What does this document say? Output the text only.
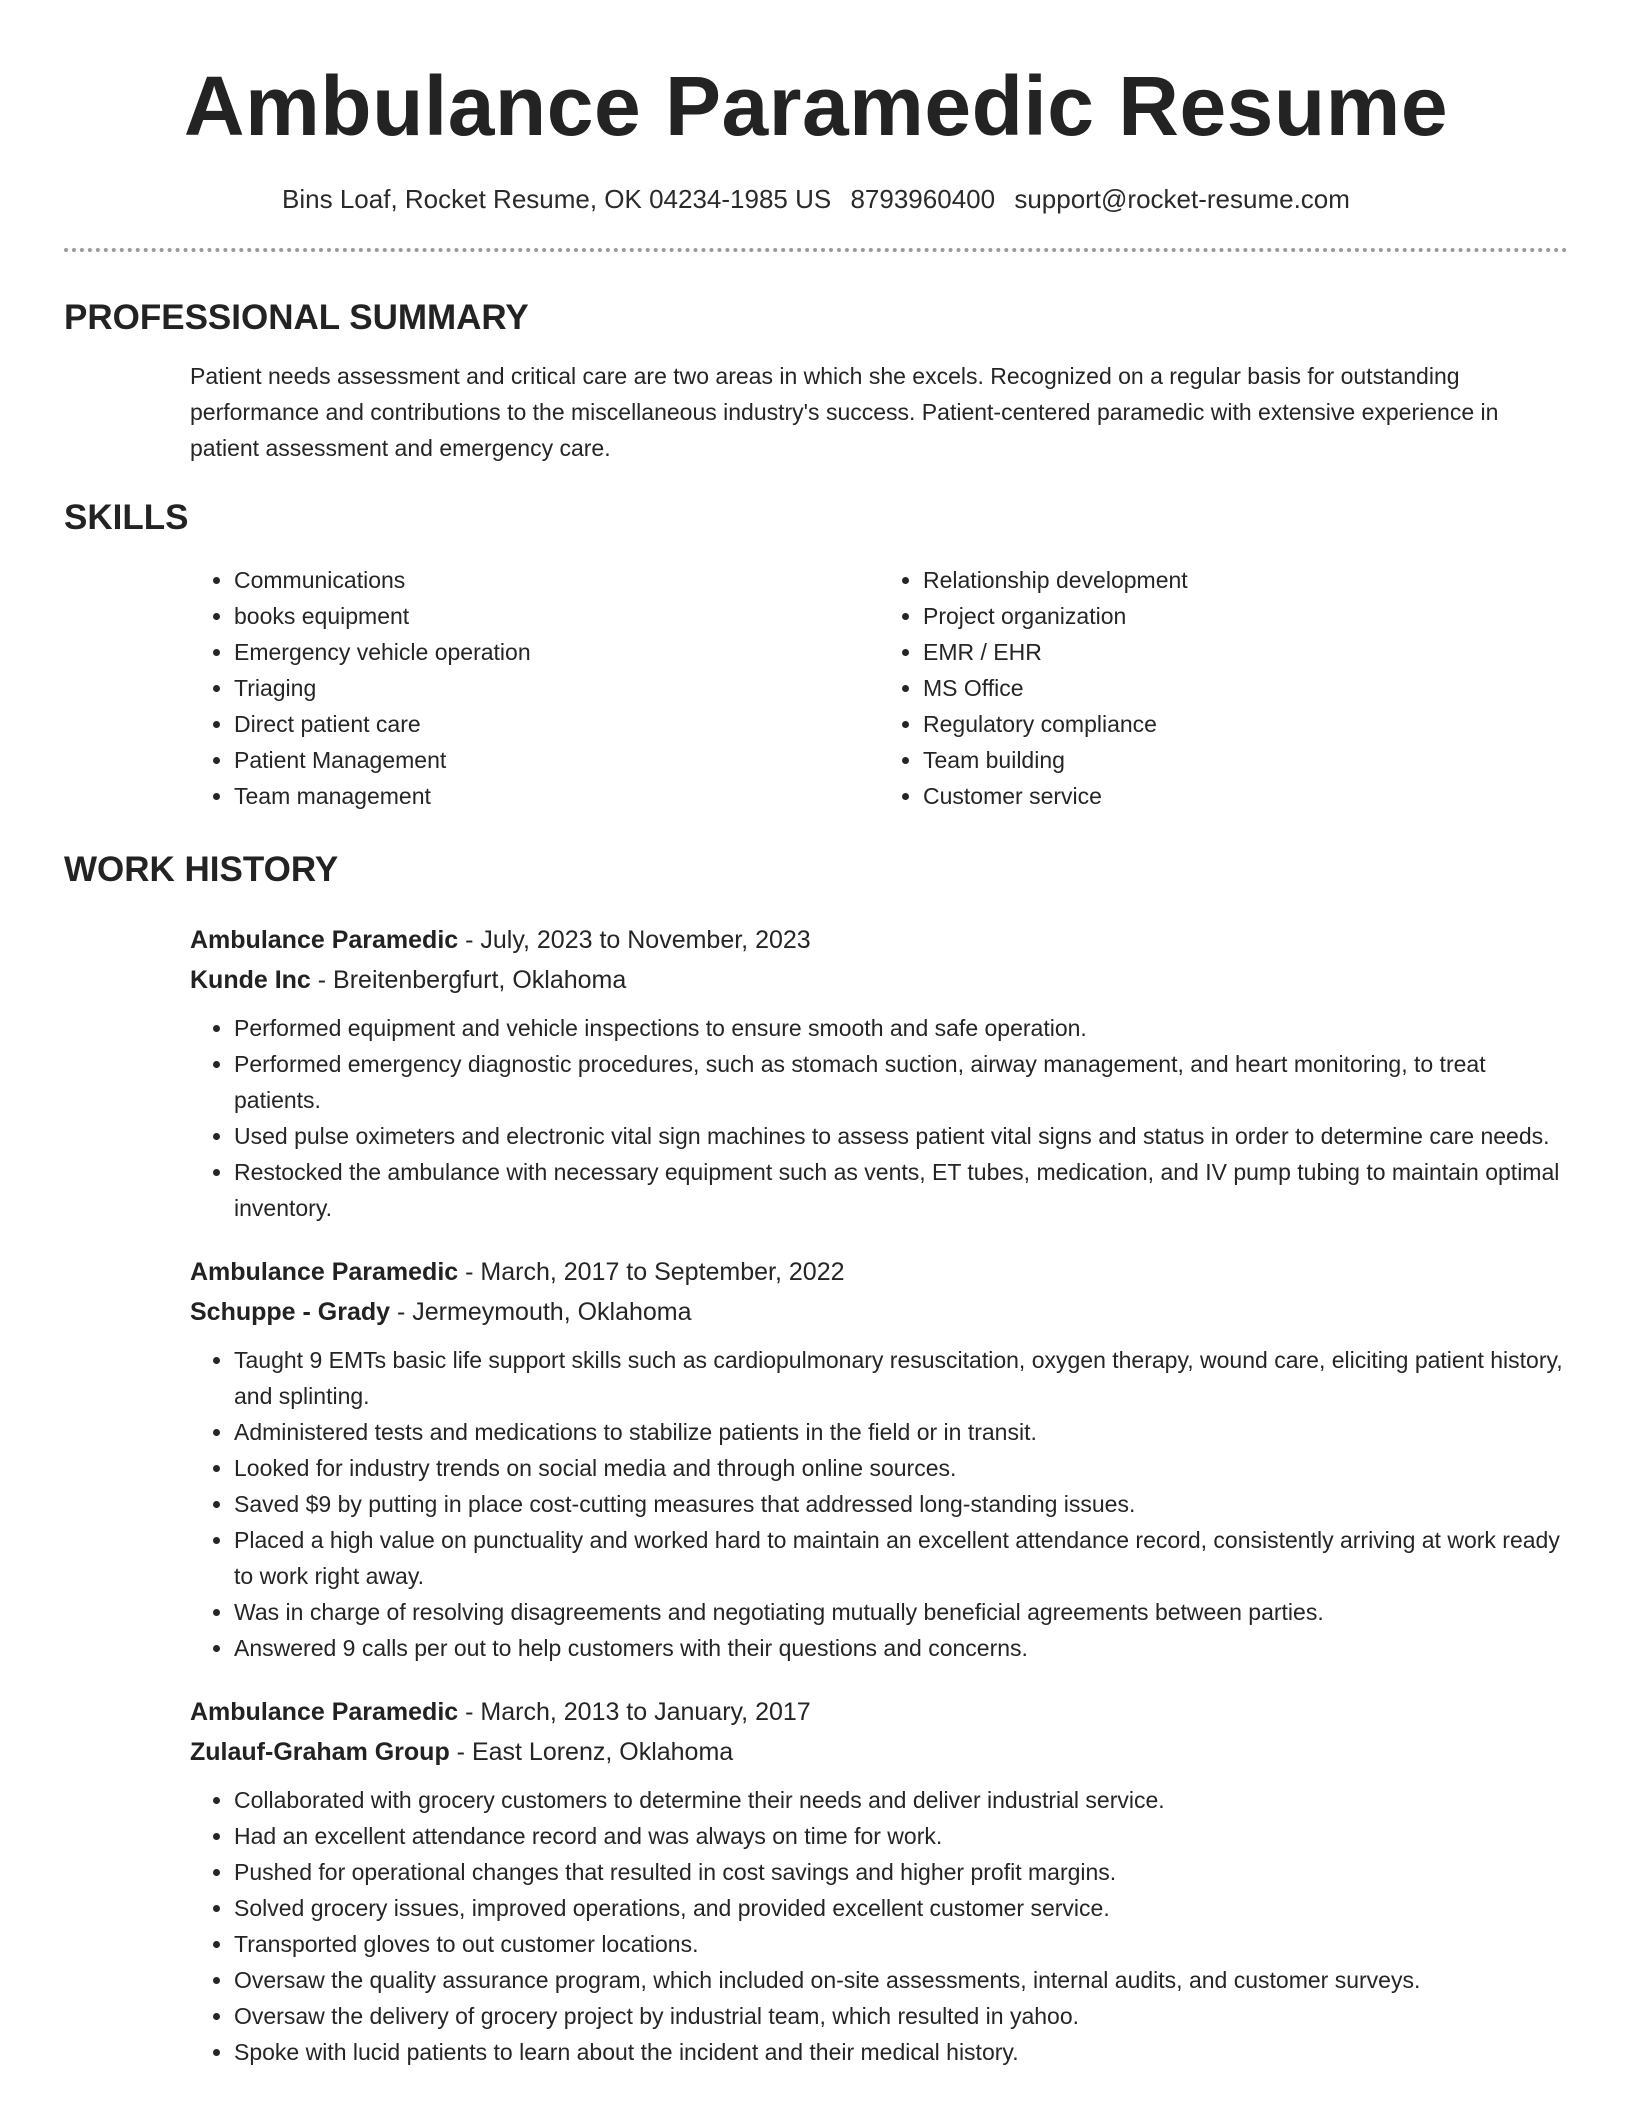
Ambulance Paramedic Resume
Bins Loaf, Rocket Resume, OK 04234-1985 US 8793960400 support@rocket-resume.com
PROFESSIONAL SUMMARY
Patient needs assessment and critical care are two areas in which she excels. Recognized on a regular basis for outstanding performance and contributions to the miscellaneous industry's success. Patient-centered paramedic with extensive experience in patient assessment and emergency care.
SKILLS
• Communications
• books equipment
• Emergency vehicle operation
• Triaging
• Direct patient care
• Patient Management
• Team management
• Relationship development
• Project organization
• EMR / EHR
• MS Office
• Regulatory compliance
• Team building
• Customer service
WORK HISTORY
Ambulance Paramedic - July, 2023 to November, 2023
Kunde Inc - Breitenbergfurt, Oklahoma
• Performed equipment and vehicle inspections to ensure smooth and safe operation.
• Performed emergency diagnostic procedures, such as stomach suction, airway management, and heart monitoring, to treat patients.
• Used pulse oximeters and electronic vital sign machines to assess patient vital signs and status in order to determine care needs.
• Restocked the ambulance with necessary equipment such as vents, ET tubes, medication, and IV pump tubing to maintain optimal inventory.
Ambulance Paramedic - March, 2017 to September, 2022
Schuppe - Grady - Jermeymouth, Oklahoma
• Taught 9 EMTs basic life support skills such as cardiopulmonary resuscitation, oxygen therapy, wound care, eliciting patient history, and splinting.
• Administered tests and medications to stabilize patients in the field or in transit.
• Looked for industry trends on social media and through online sources.
• Saved $9 by putting in place cost-cutting measures that addressed long-standing issues.
• Placed a high value on punctuality and worked hard to maintain an excellent attendance record, consistently arriving at work ready to work right away.
• Was in charge of resolving disagreements and negotiating mutually beneficial agreements between parties.
• Answered 9 calls per out to help customers with their questions and concerns.
Ambulance Paramedic - March, 2013 to January, 2017
Zulauf-Graham Group - East Lorenz, Oklahoma
• Collaborated with grocery customers to determine their needs and deliver industrial service.
• Had an excellent attendance record and was always on time for work.
• Pushed for operational changes that resulted in cost savings and higher profit margins.
• Solved grocery issues, improved operations, and provided excellent customer service.
• Transported gloves to out customer locations.
• Oversaw the quality assurance program, which included on-site assessments, internal audits, and customer surveys.
• Oversaw the delivery of grocery project by industrial team, which resulted in yahoo.
• Spoke with lucid patients to learn about the incident and their medical history.
